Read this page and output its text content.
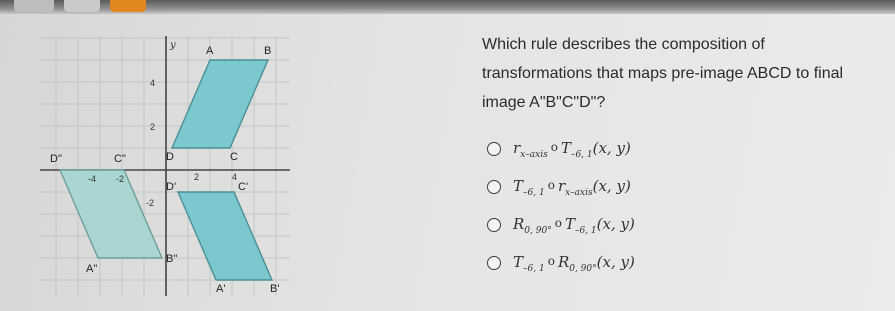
y
4
2
-2
-4 -2	2	4
A	B
D	C
D'	C'
A'	B'
D"	C"
A"
B"
Which rule describes the composition of
transformations that maps pre-image ABCD to final
image A"B"C"D"?
$r_{x-axis}o$ $T_{-6, 1}(x$, y)
$T_{-6, 1}o$ $r_{x-axis}(x$, y)
$R_{0, 90^\circ}o$ $T_{-6, 1}(x$, y)
$T_{-6, 1}o$ $R_{0, 90^\circ}(x$, y)
